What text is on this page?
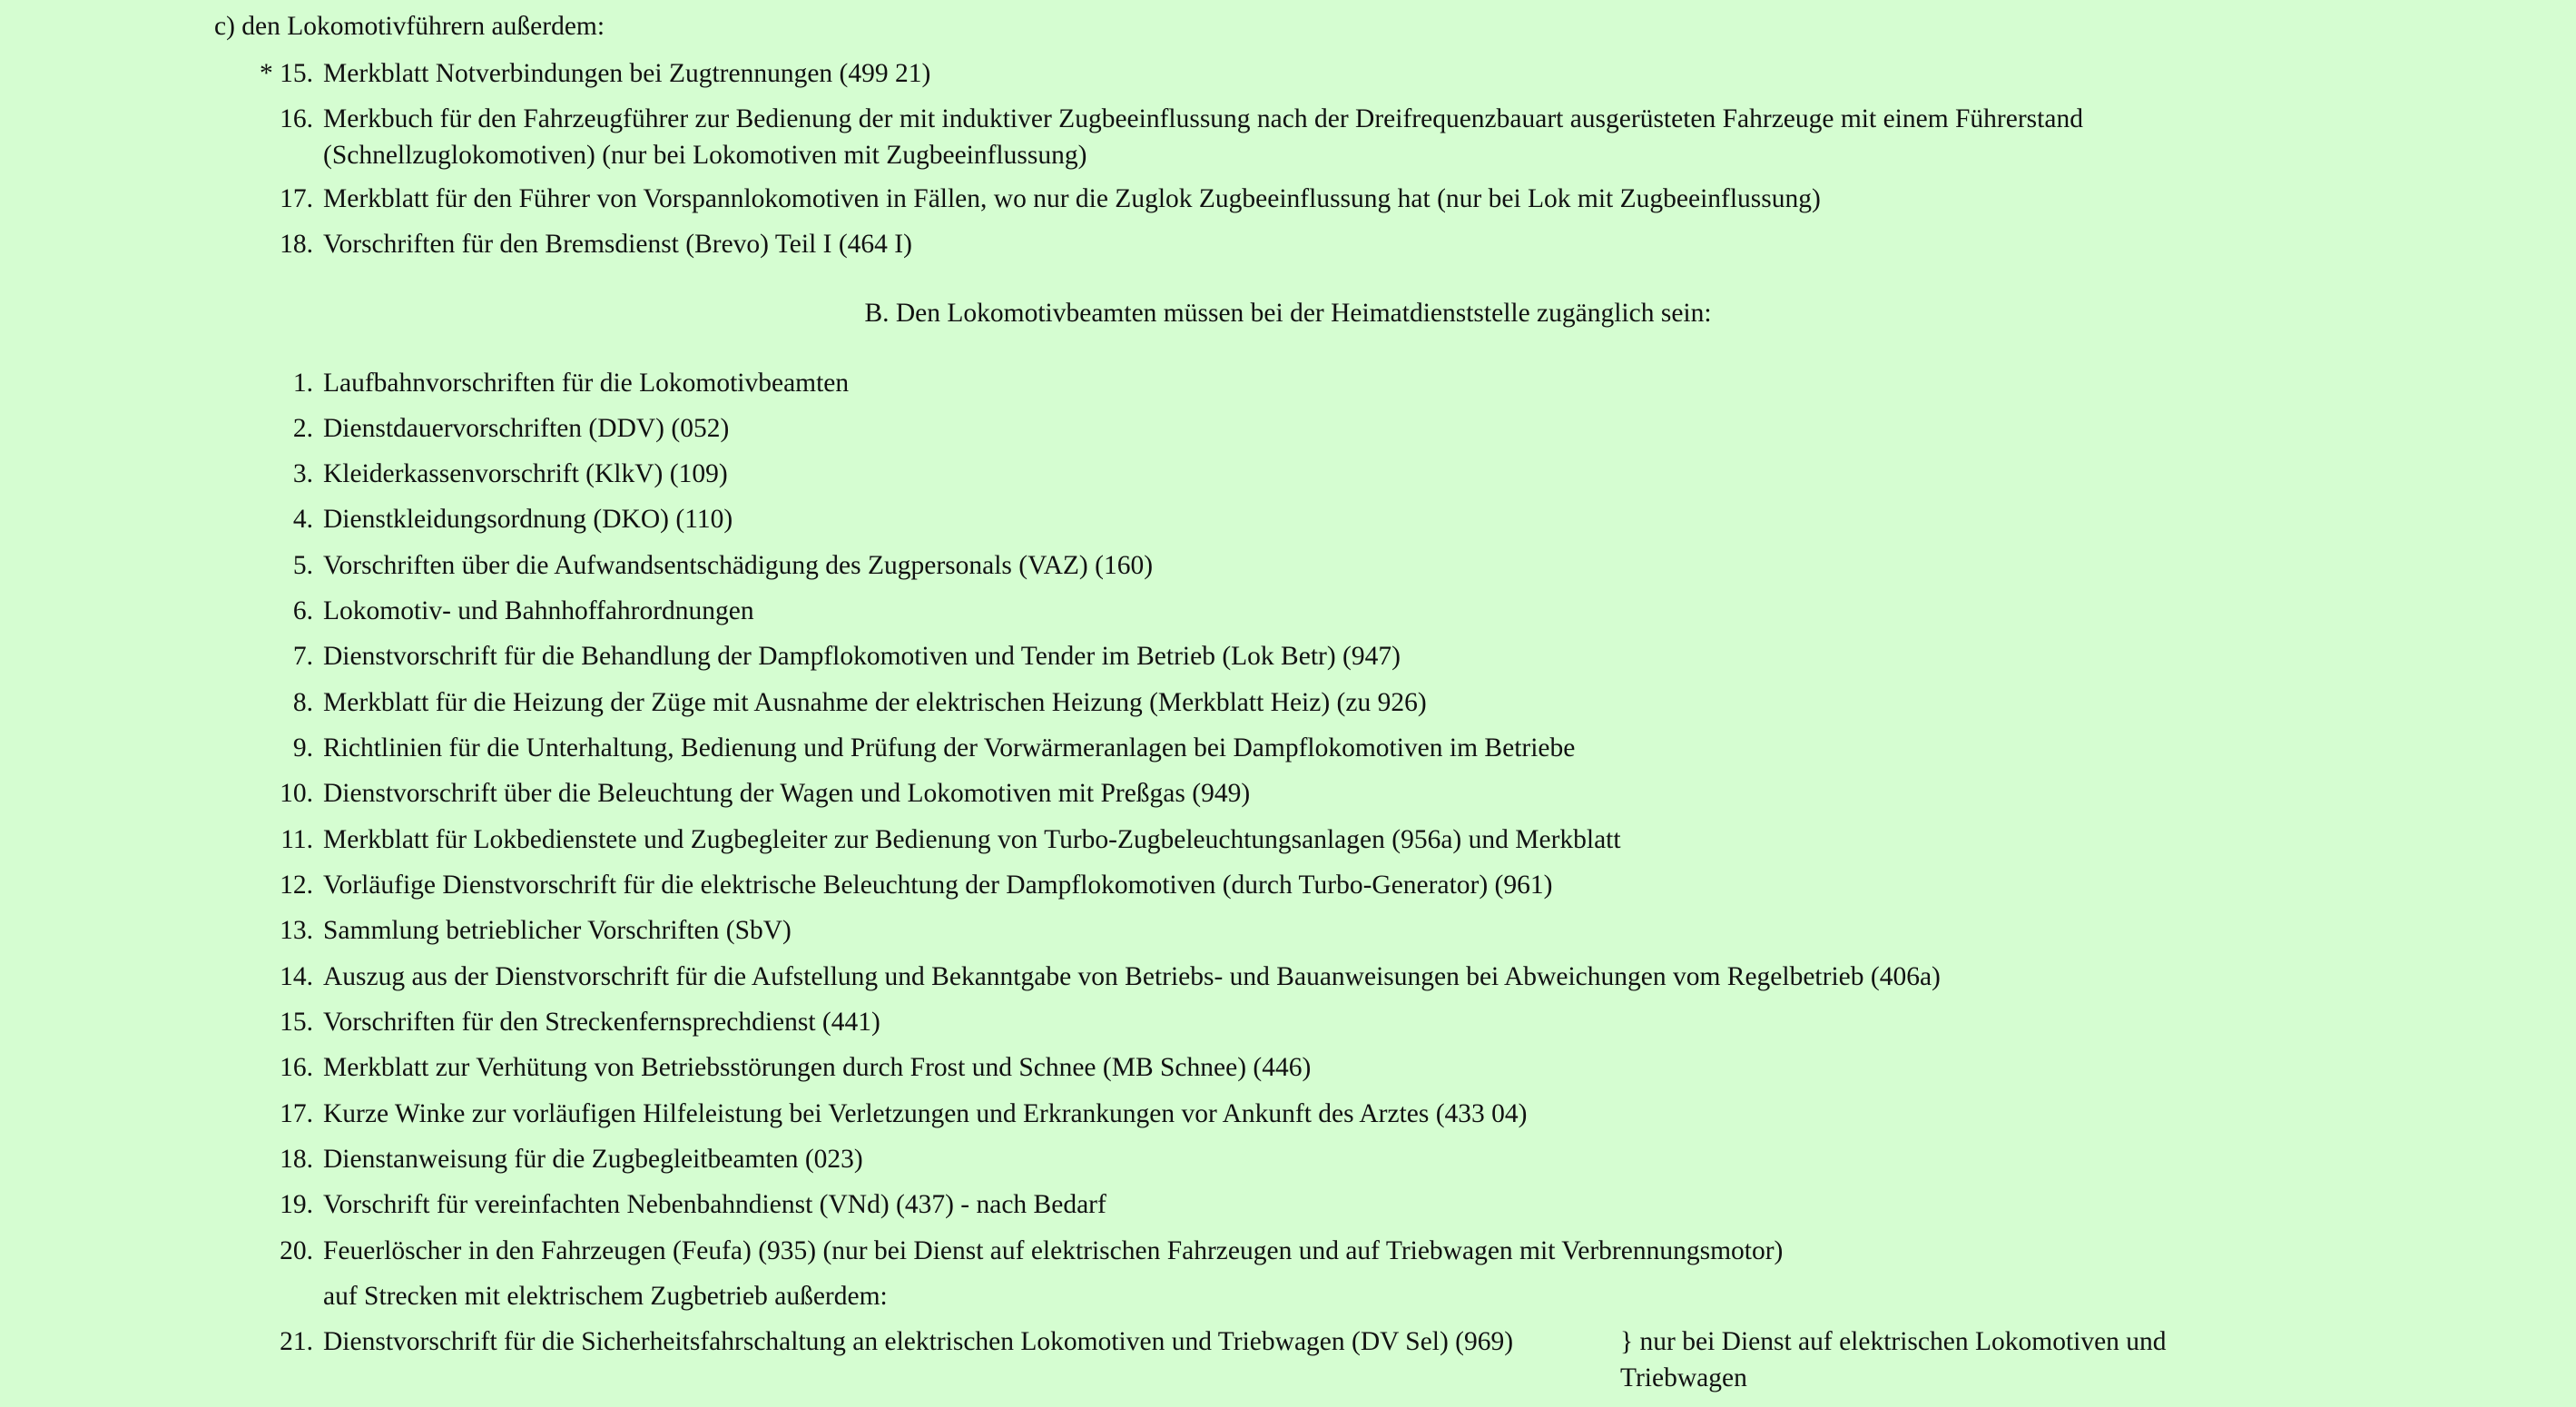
c) den Lokomotivführern außerdem:
* 15. Merkblatt Notverbindungen bei Zugtrennungen (499 21)
16. Merkbuch für den Fahrzeugführer zur Bedienung der mit induktiver Zugbeeinflussung nach der Dreifrequenzbauart ausgerüsteten Fahrzeuge mit einem Führerstand (Schnellzuglokomotiven) (nur bei Lokomotiven mit Zugbeeinflussung)
17. Merkblatt für den Führer von Vorspannlokomotiven in Fällen, wo nur die Zuglok Zugbeeinflussung hat (nur bei Lok mit Zugbeeinflussung)
18. Vorschriften für den Bremsdienst (Brevo) Teil I (464 I)
B. Den Lokomotivbeamten müssen bei der Heimatdienststelle zugänglich sein:
1. Laufbahnvorschriften für die Lokomotivbeamten
2. Dienstdauervorschriften (DDV) (052)
3. Kleiderkassenvorschrift (KlkV) (109)
4. Dienstkleidungsordnung (DKO) (110)
5. Vorschriften über die Aufwandsentschädigung des Zugpersonals (VAZ) (160)
6. Lokomotiv- und Bahnhoffahrordnungen
7. Dienstvorschrift für die Behandlung der Dampflokomotiven und Tender im Betrieb (Lok Betr) (947)
8. Merkblatt für die Heizung der Züge mit Ausnahme der elektrischen Heizung (Merkblatt Heiz) (zu 926)
9. Richtlinien für die Unterhaltung, Bedienung und Prüfung der Vorwärmeranlagen bei Dampflokomotiven im Betriebe
10. Dienstvorschrift über die Beleuchtung der Wagen und Lokomotiven mit Preßgas (949)
11. Merkblatt für Lokbedienstete und Zugbegleiter zur Bedienung von Turbo-Zugbeleuchtungsanlagen (956a) und Merkblatt
12. Vorläufige Dienstvorschrift für die elektrische Beleuchtung der Dampflokomotiven (durch Turbo-Generator) (961)
13. Sammlung betrieblicher Vorschriften (SbV)
14. Auszug aus der Dienstvorschrift für die Aufstellung und Bekanntgabe von Betriebs- und Bauanweisungen bei Abweichungen vom Regelbetrieb (406a)
15. Vorschriften für den Streckenfernsprechdienst (441)
16. Merkblatt zur Verhütung von Betriebsstörungen durch Frost und Schnee (MB Schnee) (446)
17. Kurze Winke zur vorläufigen Hilfeleistung bei Verletzungen und Erkrankungen vor Ankunft des Arztes (433 04)
18. Dienstanweisung für die Zugbegleitbeamten (023)
19. Vorschrift für vereinfachten Nebenbahndienst (VNd) (437) - nach Bedarf
20. Feuerlöscher in den Fahrzeugen (Feufa) (935) (nur bei Dienst auf elektrischen Fahrzeugen und auf Triebwagen mit Verbrennungsmotor)
auf Strecken mit elektrischem Zugbetrieb außerdem:
21. Dienstvorschrift für die Sicherheitsfahrschaltung an elektrischen Lokomotiven und Triebwagen (DV Sel) (969)	} nur bei Dienst auf elektrischen Lokomotiven und Triebwagen
